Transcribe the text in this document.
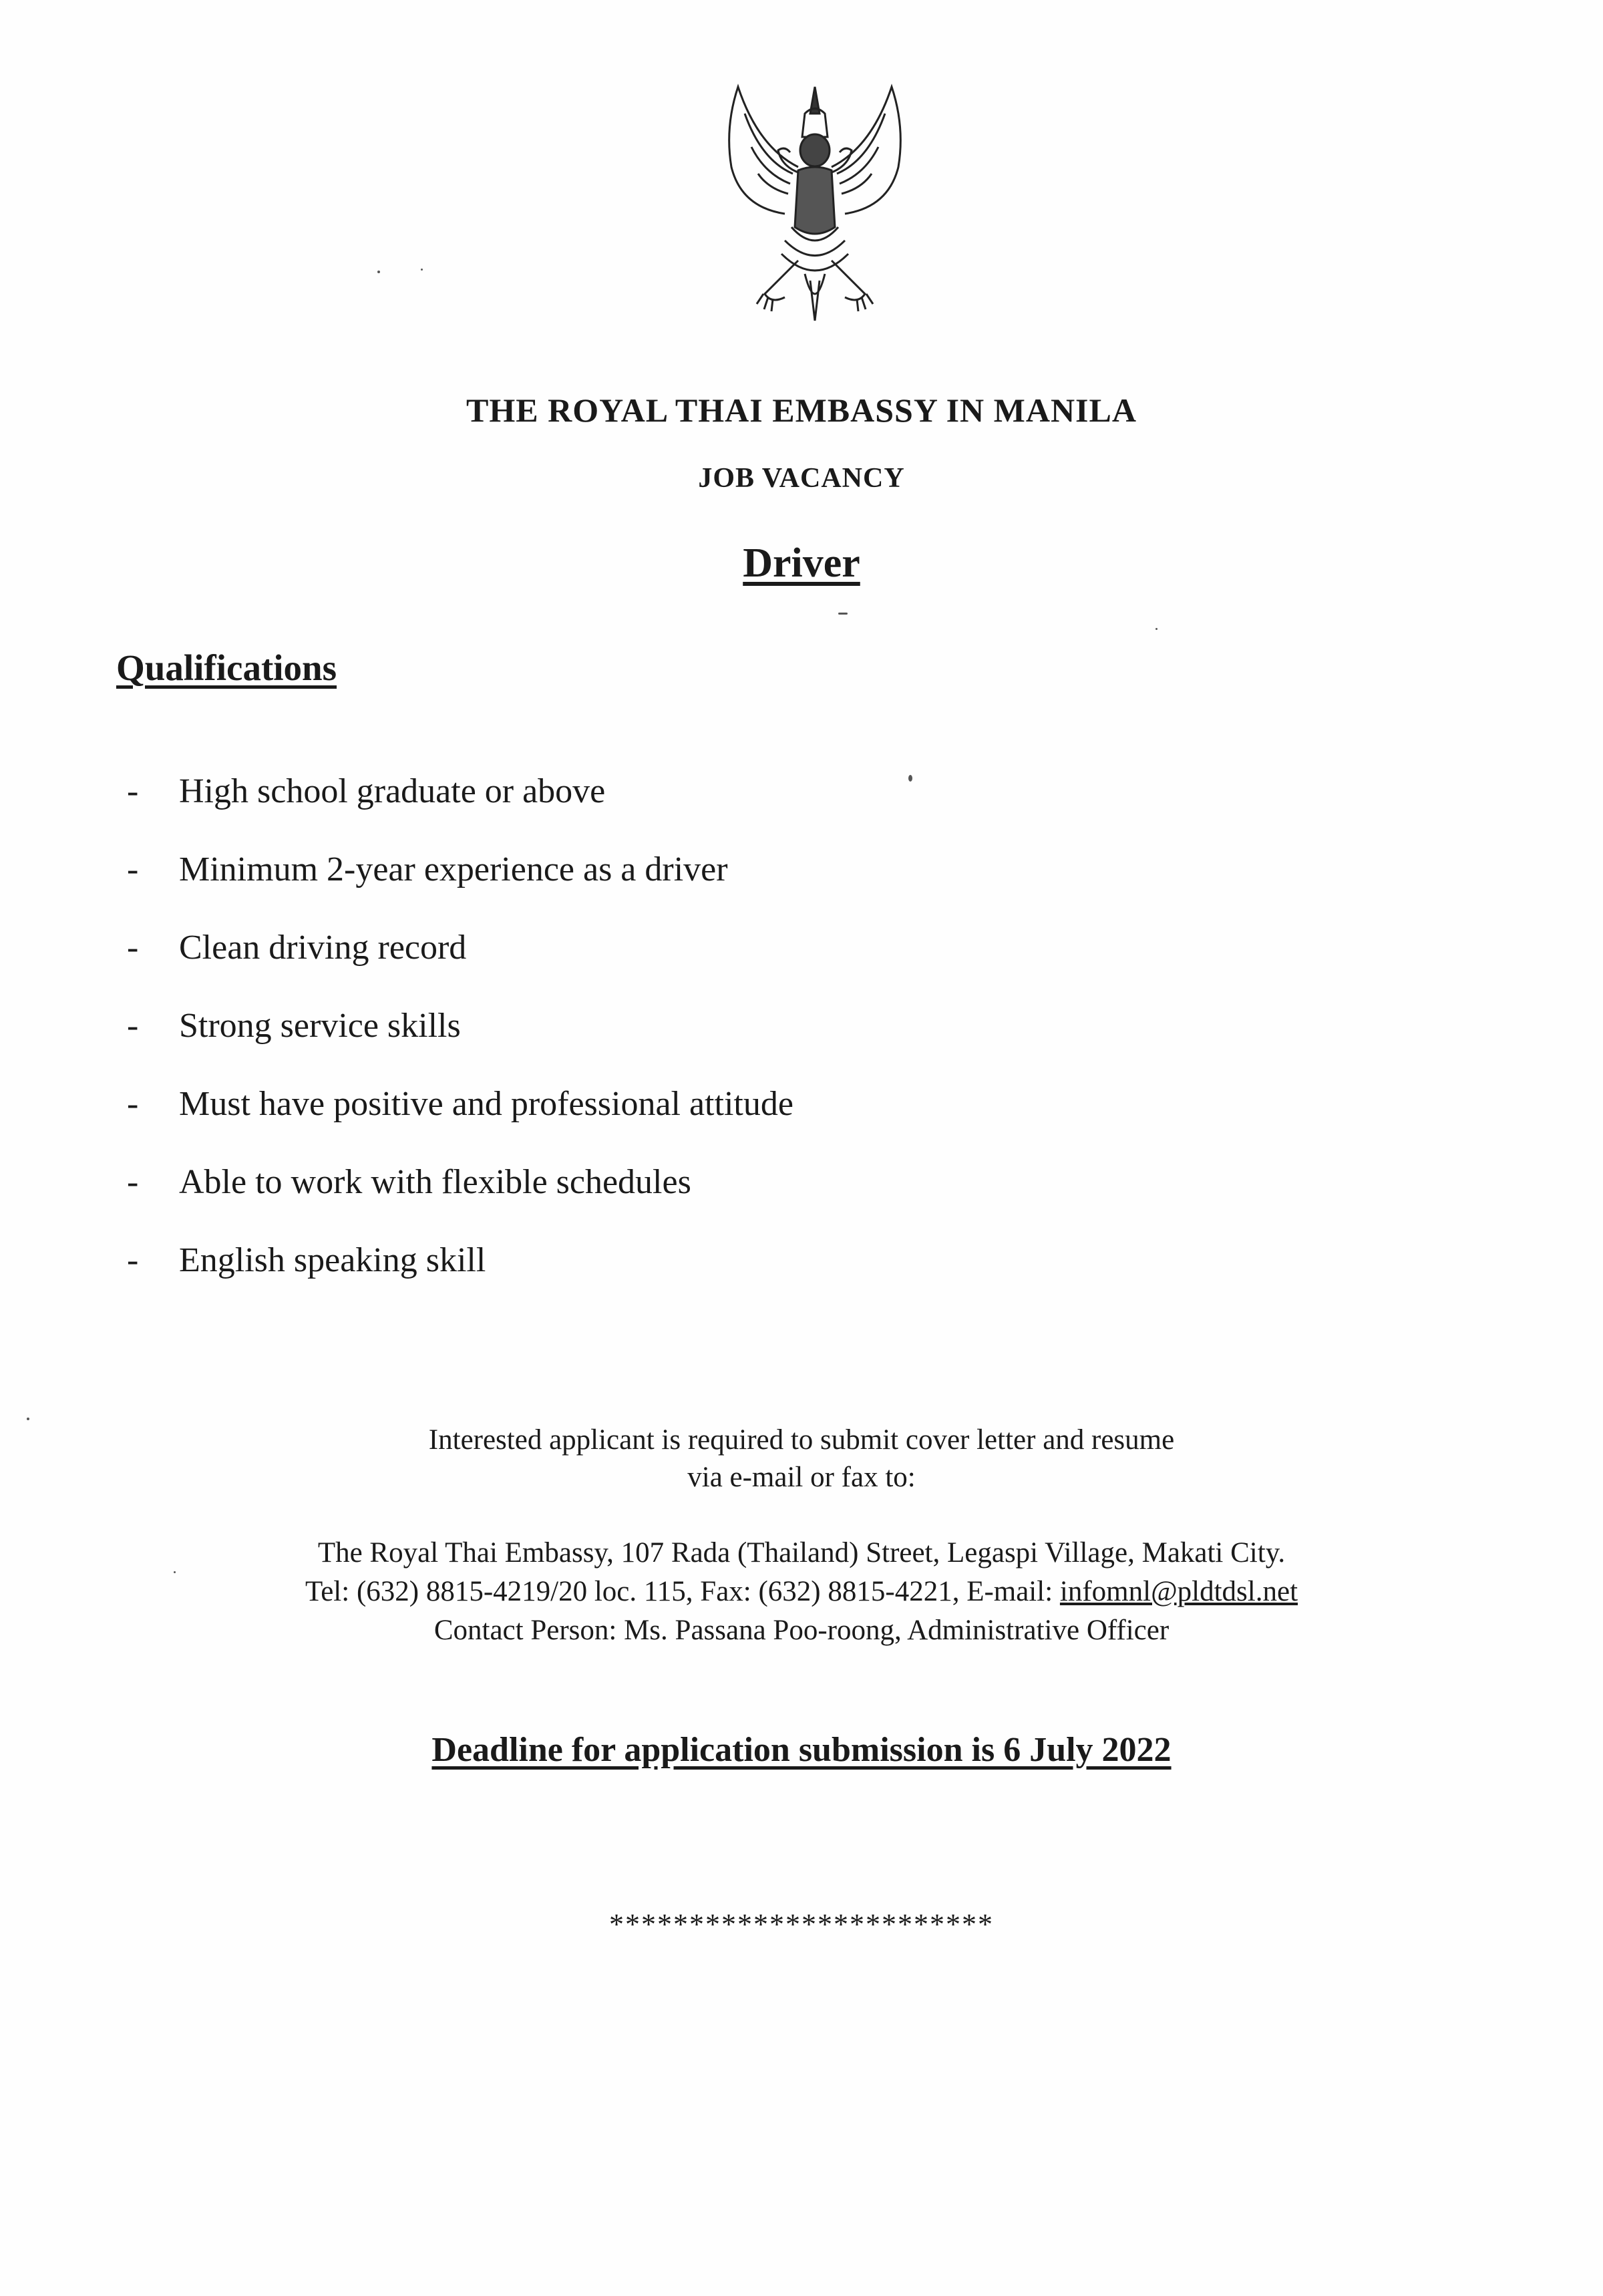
THE ROYAL THAI EMBASSY IN MANILA
JOB VACANCY
Driver
Qualifications
-	High school graduate or above
-	Minimum 2-year experience as a driver
-	Clean driving record
-	Strong service skills
-	Must have positive and professional attitude
-	Able to work with flexible schedules
-	English speaking skill
Interested applicant is required to submit cover letter and resume
via e-mail or fax to:
The Royal Thai Embassy, 107 Rada (Thailand) Street, Legaspi Village, Makati City.
Tel: (632) 8815-4219/20 loc. 115, Fax: (632) 8815-4221, E-mail: infomnl@pldtdsl.net
Contact Person: Ms. Passana Poo-roong, Administrative Officer
Deadline for application submission is 6 July 2022
************************
